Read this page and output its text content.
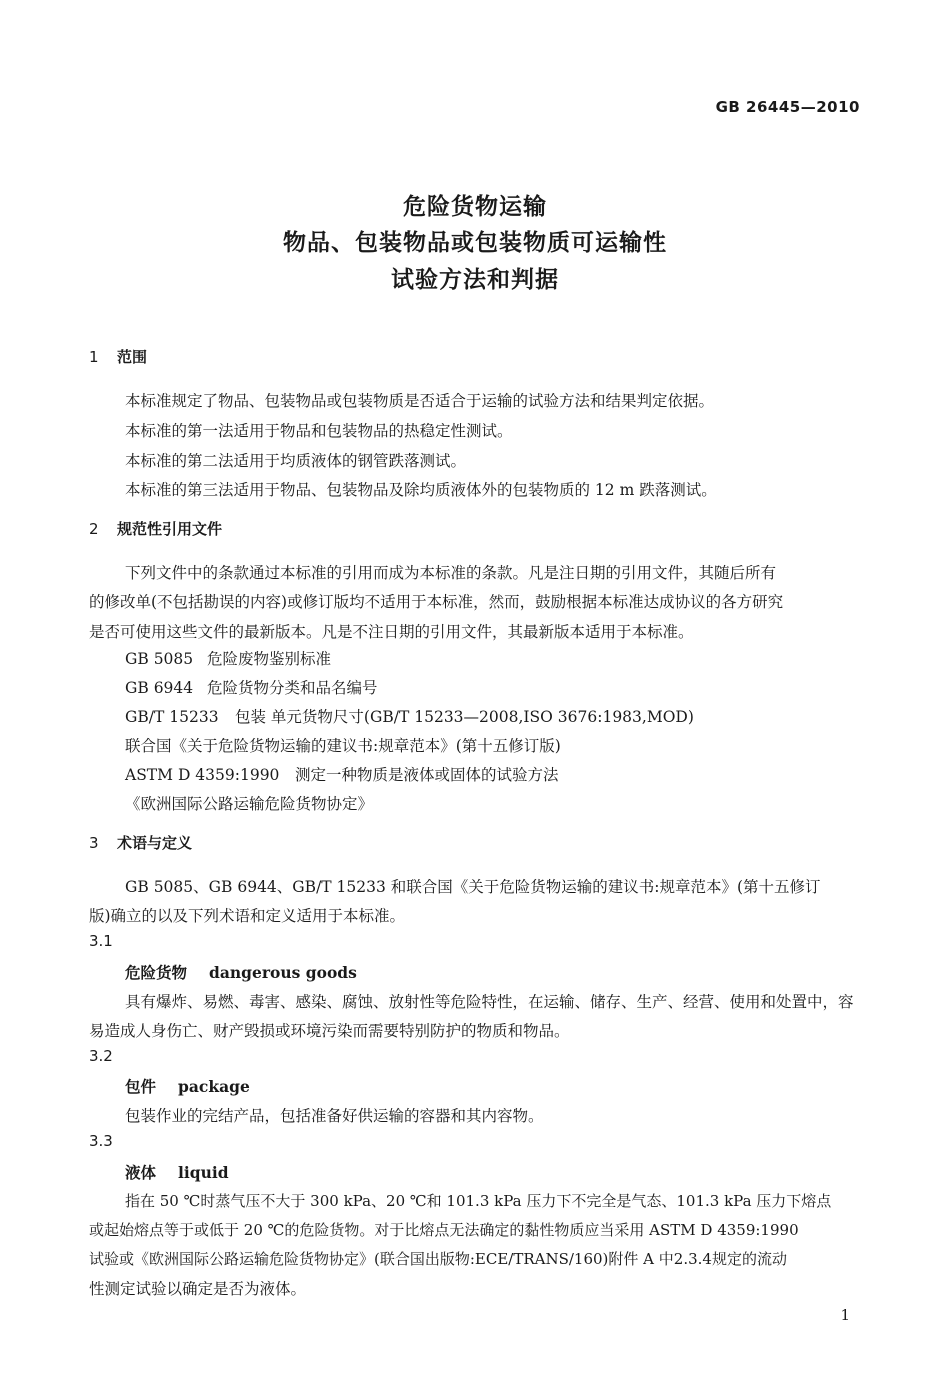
GB 26445—2010
危险货物运输
物品、包装物品或包装物质可运输性
试验方法和判据
1 范围
本标准规定了物品、包装物品或包装物质是否适合于运输的试验方法和结果判定依据。
本标准的第一法适用于物品和包装物品的热稳定性测试。
本标准的第二法适用于均质液体的钢管跌落测试。
本标准的第三法适用于物品、包装物品及除均质液体外的包装物质的 12 m 跌落测试。
2 规范性引用文件
下列文件中的条款通过本标准的引用而成为本标准的条款。凡是注日期的引用文件，其随后所有
的修改单(不包括勘误的内容)或修订版均不适用于本标准，然而，鼓励根据本标准达成协议的各方研究
是否可使用这些文件的最新版本。凡是不注日期的引用文件，其最新版本适用于本标准。
GB 5085 危险废物鉴别标准
GB 6944 危险货物分类和品名编号
GB/T 15233 包装 单元货物尺寸(GB/T 15233—2008,ISO 3676:1983,MOD)
联合国《关于危险货物运输的建议书:规章范本》(第十五修订版)
ASTM D 4359:1990 测定一种物质是液体或固体的试验方法
《欧洲国际公路运输危险货物协定》
3 术语与定义
GB 5085、GB 6944、GB/T 15233 和联合国《关于危险货物运输的建议书:规章范本》(第十五修订
版)确立的以及下列术语和定义适用于本标准。
3.1
危险货物 dangerous goods
具有爆炸、易燃、毒害、感染、腐蚀、放射性等危险特性，在运输、储存、生产、经营、使用和处置中，容
易造成人身伤亡、财产毁损或环境污染而需要特别防护的物质和物品。
3.2
包件 package
包装作业的完结产品，包括准备好供运输的容器和其内容物。
3.3
液体 liquid
指在 50 ℃时蒸气压不大于 300 kPa、20 ℃和 101.3 kPa 压力下不完全是气态、101.3 kPa 压力下熔点
或起始熔点等于或低于 20 ℃的危险货物。对于比熔点无法确定的黏性物质应当采用 ASTM D 4359:1990
试验或《欧洲国际公路运输危险货物协定》(联合国出版物:ECE/TRANS/160)附件 A 中2.3.4规定的流动
性测定试验以确定是否为液体。
1
